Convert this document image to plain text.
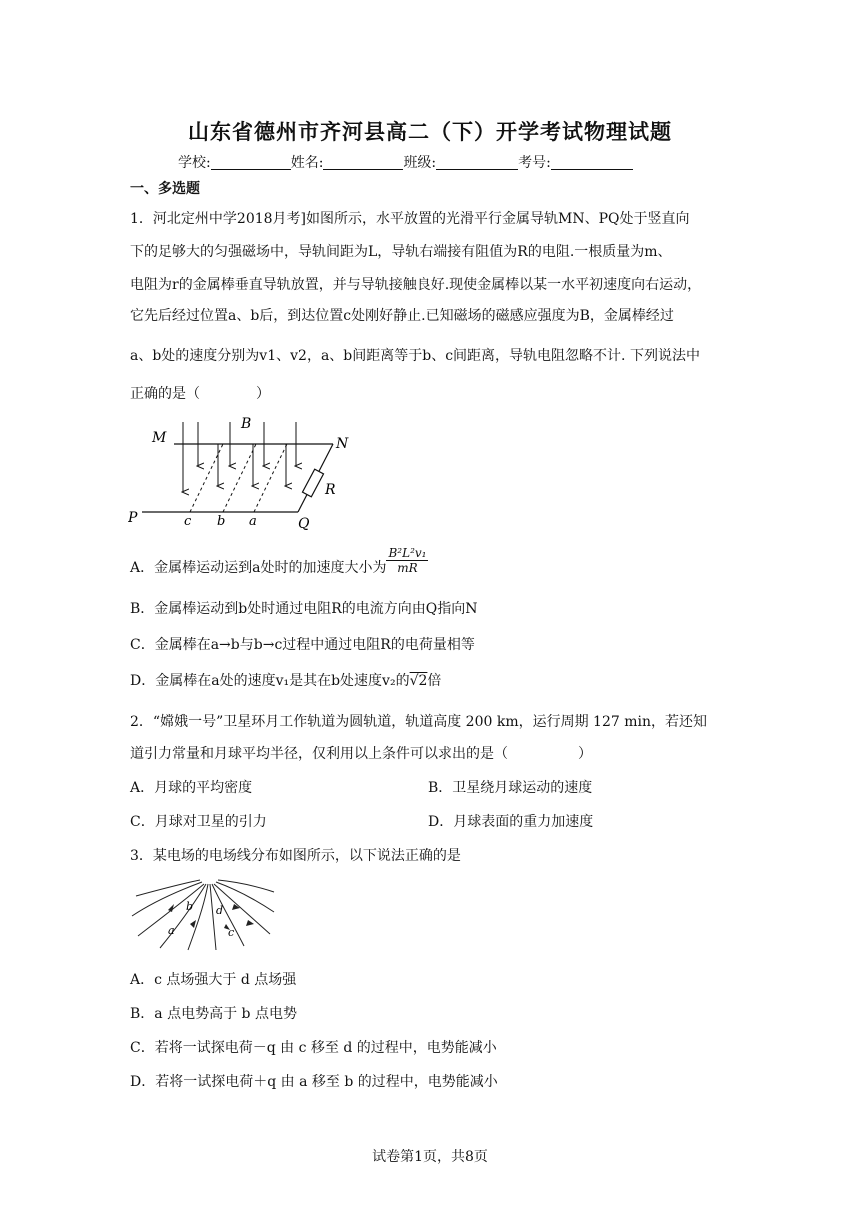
山东省德州市齐河县高二（下）开学考试物理试题
学校:	姓名:	班级:	考号:
一、多选题
1．河北定州中学2018月考]如图所示，水平放置的光滑平行金属导轨MN、PQ处于竖直向
下的足够大的匀强磁场中，导轨间距为L，导轨右端接有阻值为R的电阻.一根质量为m、
电阻为r的金属棒垂直导轨放置，并与导轨接触良好.现使金属棒以某一水平初速度向右运动，
它先后经过位置a、b后，到达位置c处刚好静止.已知磁场的磁感应强度为B，金属棒经过
a、b处的速度分别为v1、v2，a、b间距离等于b、c间距离，导轨电阻忽略不计. 下列说法中
正确的是（　　　　）
M	N
P	Q
B
R
c b a
A．金属棒运动运到a处时的加速度大小为 $\frac{\text{B²L²v₁}}{mR}$
B．金属棒运动到b处时通过电阻R的电流方向由Q指向N
C．金属棒在a→b与b→c过程中通过电阻R的电荷量相等
D．金属棒在a处的速度v₁是其在b处速度v₂的√2倍
2．“嫦娥一号”卫星环月工作轨道为圆轨道，轨道高度 200 km，运行周期 127 min，若还知
道引力常量和月球平均半径，仅利用以上条件可以求出的是（　　　　　）
A．月球的平均密度	B．卫星绕月球运动的速度
C．月球对卫星的引力	D．月球表面的重力加速度
3．某电场的电场线分布如图所示，以下说法正确的是
a
b
c
d
A．c 点场强大于 d 点场强
B．a 点电势高于 b 点电势
C．若将一试探电荷－q 由 c 移至 d 的过程中，电势能减小
D．若将一试探电荷＋q 由 a 移至 b 的过程中，电势能减小
试卷第1页，共8页
